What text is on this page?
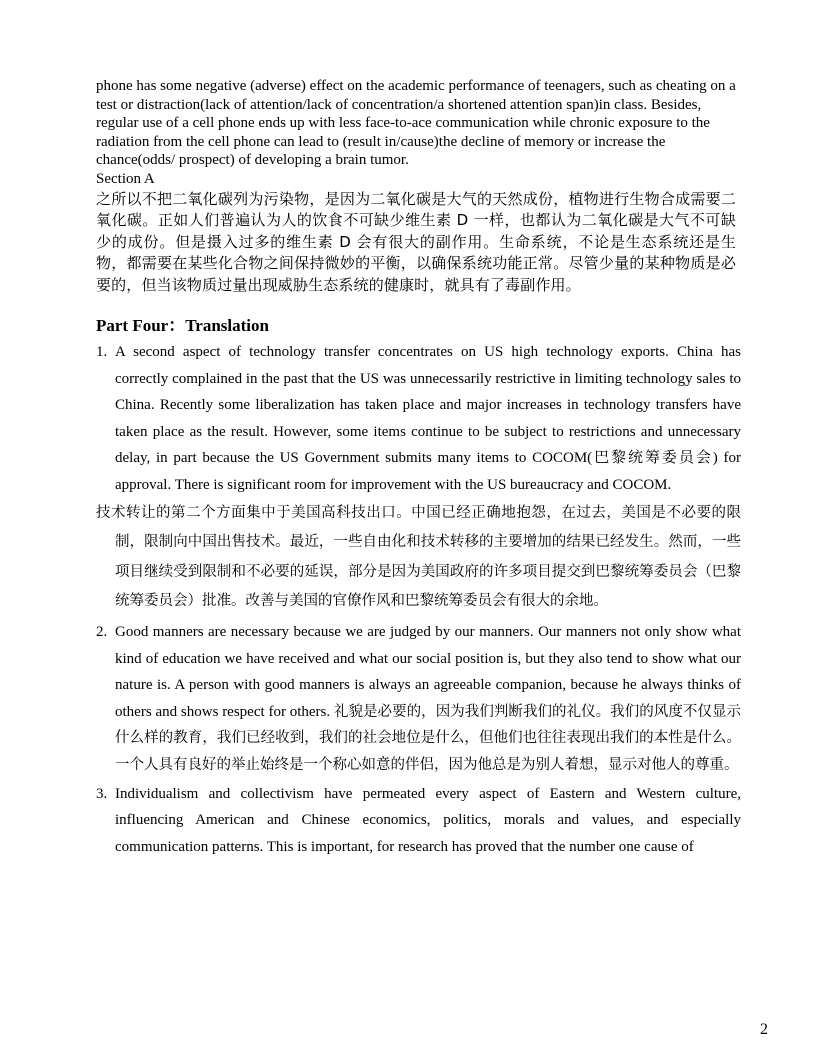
phone has some negative (adverse) effect on the academic performance of teenagers, such as cheating on a test or distraction(lack of attention/lack of concentration/a shortened attention span)in class. Besides, regular use of a cell phone ends up with less face-to-ace communication while chronic exposure to the radiation from the cell phone can lead to (result in/cause)the decline of memory or increase the chance(odds/ prospect) of developing a brain tumor.

Section A

之所以不把二氧化碳列为污染物，是因为二氧化碳是大气的天然成份，植物进行生物合成需要二氧化碳。正如人们普遍认为人的饮食不可缺少维生素 D 一样，也都认为二氧化碳是大气不可缺少的成份。但是摄入过多的维生素 D 会有很大的副作用。生命系统，不论是生态系统还是生物，都需要在某些化合物之间保持微妙的平衡，以确保系统功能正常。尽管少量的某种物质是必要的，但当该物质过量出现威胁生态系统的健康时，就具有了毒副作用。

Part Four：Translation

1. A second aspect of technology transfer concentrates on US high technology exports. China has correctly complained in the past that the US was unnecessarily restrictive in limiting technology sales to China. Recently some liberalization has taken place and major increases in technology transfers have taken place as the result. However, some items continue to be subject to restrictions and unnecessary delay, in part because the US Government submits many items to COCOM(巴黎统筹委员会) for approval. There is significant room for improvement with the US bureaucracy and COCOM.

技术转让的第二个方面集中于美国高科技出口。中国已经正确地抱怨，在过去，美国是不必要的限制，限制向中国出售技术。最近，一些自由化和技术转移的主要增加的结果已经发生。然而，一些项目继续受到限制和不必要的延误，部分是因为美国政府的许多项目提交到巴黎统筹委员会（巴黎统筹委员会）批准。改善与美国的官僚作风和巴黎统筹委员会有很大的余地。

2. Good manners are necessary because we are judged by our manners. Our manners not only show what kind of education we have received and what our social position is, but they also tend to show what our nature is. A person with good manners is always an agreeable companion, because he always thinks of others and shows respect for others. 礼貌是必要的，因为我们判断我们的礼仪。我们的风度不仅显示什么样的教育，我们已经收到，我们的社会地位是什么，但他们也往往表现出我们的本性是什么。一个人具有良好的举止始终是一个称心如意的伴侣，因为他总是为别人着想，显示对他人的尊重。

3. Individualism and collectivism have permeated every aspect of Eastern and Western culture, influencing American and Chinese economics, politics, morals and values, and especially communication patterns. This is important, for research has proved that the number one cause of

2
